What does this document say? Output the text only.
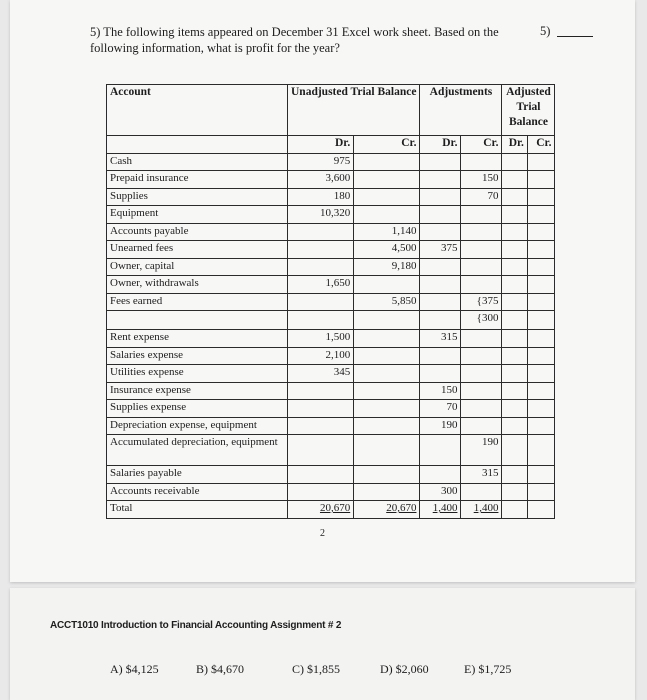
5) The following items appeared on December 31 Excel work sheet. Based on the following information, what is profit for the year?
5)
Account	Unadjusted Trial Balance		Adjustments		Adjusted Trial Balance	
	Dr.	Cr.	Dr.	Cr.	Dr.	Cr.
Cash	975					
Prepaid insurance	3,600			150		
Supplies	180			70		
Equipment	10,320					
Accounts payable		1,140				
Unearned fees		4,500	375			
Owner, capital		9,180				
Owner, withdrawals	1,650					
Fees earned		5,850		{375		
				{300		
Rent expense	1,500		315			
Salaries expense	2,100					
Utilities expense	345					
Insurance expense			150			
Supplies expense			70			
Depreciation expense, equipment			190			
Accumulated depreciation, equipment				190		
Salaries payable				315		
Accounts receivable			300			
Total	20,670	20,670	1,400	1,400		
2
ACCT1010 Introduction to Financial Accounting Assignment # 2
A) $4,125	B) $4,670	C) $1,855	D) $2,060	E) $1,725
